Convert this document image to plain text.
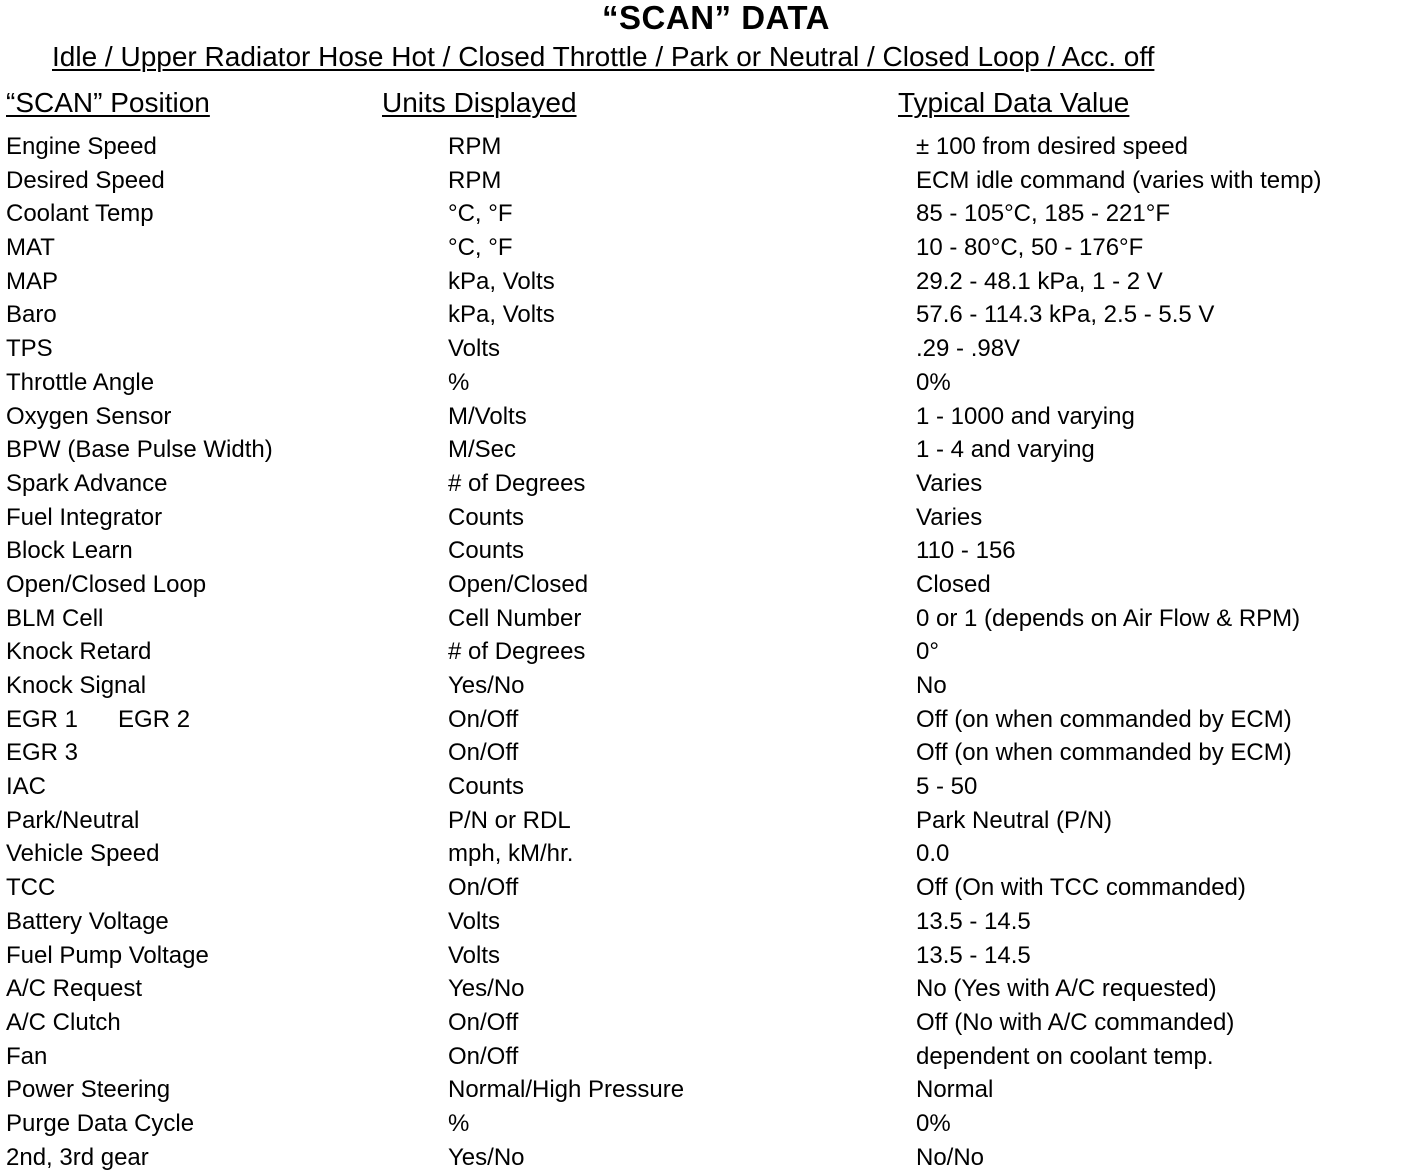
“SCAN” DATA
Idle / Upper Radiator Hose Hot / Closed Throttle / Park or Neutral / Closed Loop / Acc. off
“SCAN” Position	Units Displayed	Typical Data Value
Engine Speed	RPM	± 100 from desired speed
Desired Speed	RPM	ECM idle command (varies with temp)
Coolant Temp	°C, °F	85 - 105°C, 185 - 221°F
MAT	°C, °F	10 - 80°C, 50 - 176°F
MAP	kPa, Volts	29.2 - 48.1 kPa, 1 - 2 V
Baro	kPa, Volts	57.6 - 114.3 kPa, 2.5 - 5.5 V
TPS	Volts	.29 - .98V
Throttle Angle	%	0%
Oxygen Sensor	M/Volts	1 - 1000 and varying
BPW (Base Pulse Width)	M/Sec	1 - 4 and varying
Spark Advance	# of Degrees	Varies
Fuel Integrator	Counts	Varies
Block Learn	Counts	110 - 156
Open/Closed Loop	Open/Closed	Closed
BLM Cell	Cell Number	0 or 1 (depends on Air Flow & RPM)
Knock Retard	# of Degrees	0°
Knock Signal	Yes/No	No
EGR 1      EGR 2	On/Off	Off (on when commanded by ECM)
EGR 3	On/Off	Off (on when commanded by ECM)
IAC	Counts	5 - 50
Park/Neutral	P/N or RDL	Park Neutral (P/N)
Vehicle Speed	mph, kM/hr.	0.0
TCC	On/Off	Off (On with TCC commanded)
Battery Voltage	Volts	13.5 - 14.5
Fuel Pump Voltage	Volts	13.5 - 14.5
A/C Request	Yes/No	No (Yes with A/C requested)
A/C Clutch	On/Off	Off (No with A/C commanded)
Fan	On/Off	dependent on coolant temp.
Power Steering	Normal/High Pressure	Normal
Purge Data Cycle	%	0%
2nd, 3rd gear	Yes/No	No/No
